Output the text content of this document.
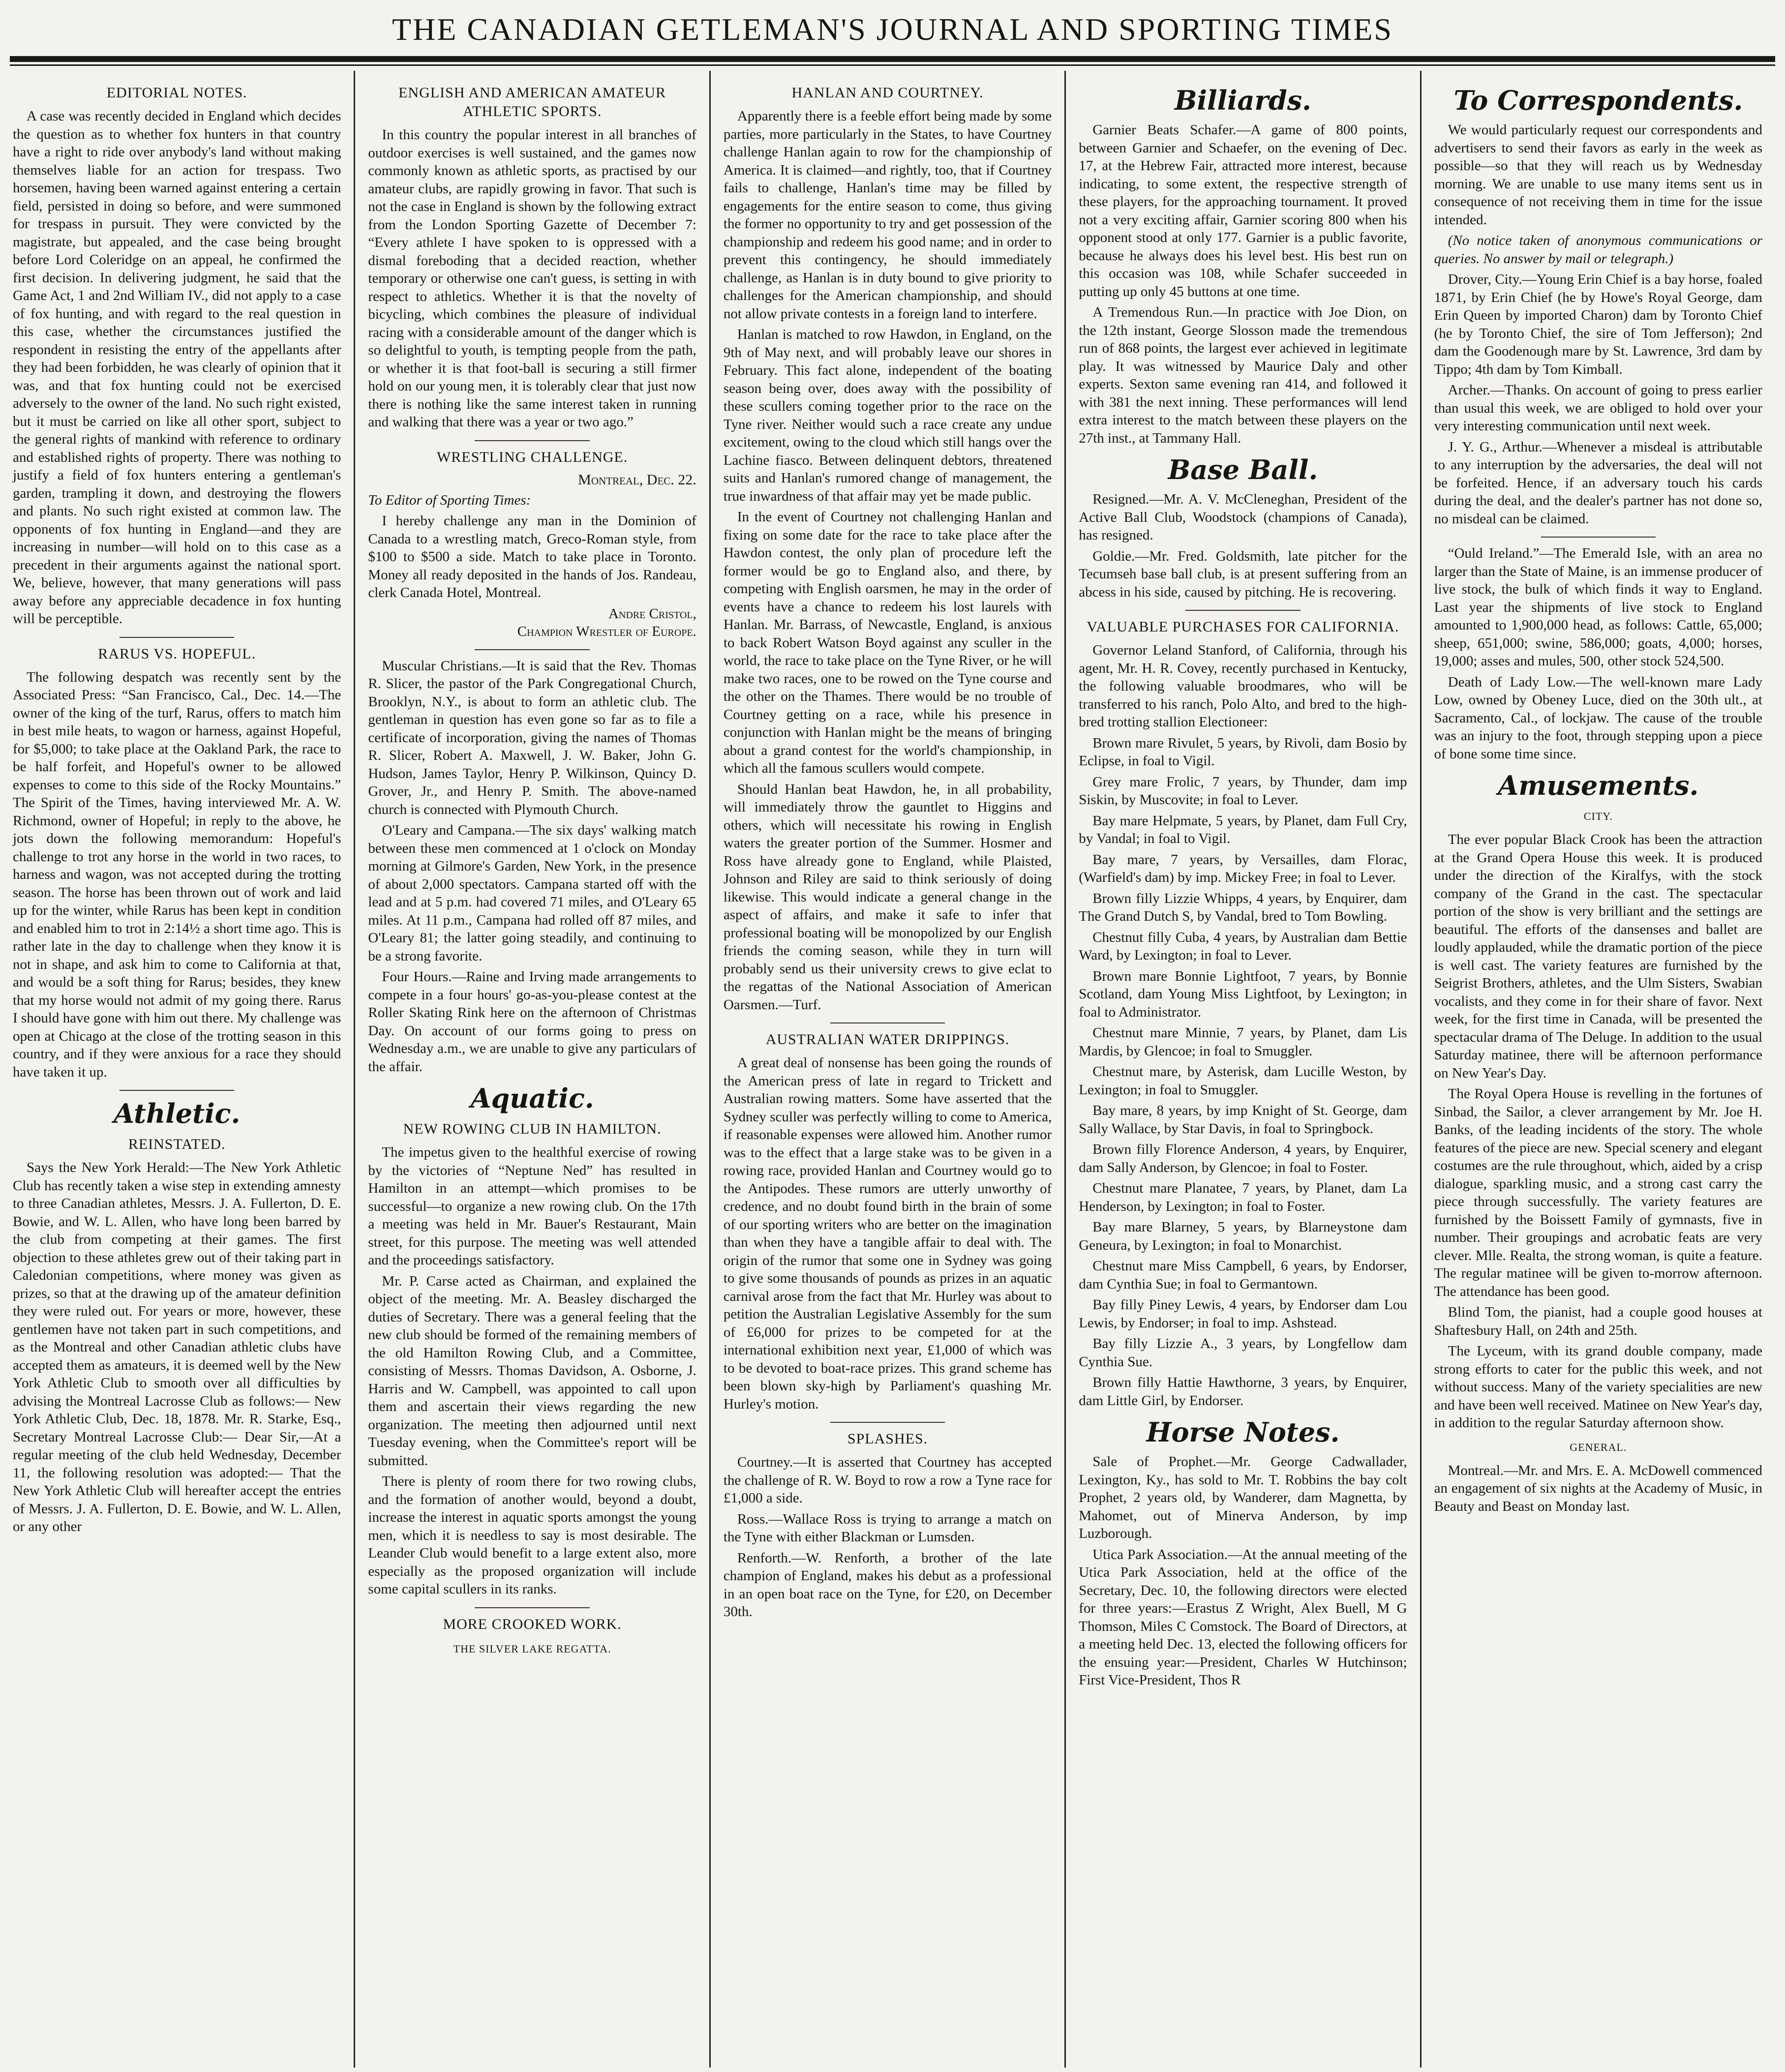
THE CANADIAN GETLEMAN'S JOURNAL AND SPORTING TIMES
EDITORIAL NOTES.

A case was recently decided in England which decides the question as to whether fox hunters in that country have a right to ride over anybody's land without making themselves liable for an action for trespass. Two horsemen, having been warned against entering a certain field, persisted in doing so before, and were summoned for trespass in pursuit. They were convicted by the magistrate, but appealed, and the case being brought before Lord Coleridge on an appeal, he confirmed the first decision. In delivering judgment, he said that the Game Act, 1 and 2nd William IV., did not apply to a case of fox hunting, and with regard to the real question in this case, whether the circumstances justified the respondent in resisting the entry of the appellants after they had been forbidden, he was clearly of opinion that it was, and that fox hunting could not be exercised adversely to the owner of the land. No such right existed, but it must be carried on like all other sport, subject to the general rights of mankind with reference to ordinary and established rights of property. There was nothing to justify a field of fox hunters entering a gentleman's garden, trampling it down, and destroying the flowers and plants. No such right existed at common law. The opponents of fox hunting in England—and they are increasing in number—will hold on to this case as a precedent in their arguments against the national sport. We, believe, however, that many generations will pass away before any appreciable decadence in fox hunting will be perceptible.

RARUS VS. HOPEFUL.

The following despatch was recently sent by the Associated Press: “San Francisco, Cal., Dec. 14.—The owner of the king of the turf, Rarus, offers to match him in best mile heats, to wagon or harness, against Hopeful, for $5,000; to take place at the Oakland Park, the race to be half forfeit, and Hopeful's owner to be allowed expenses to come to this side of the Rocky Mountains.” The Spirit of the Times, having interviewed Mr. A. W. Richmond, owner of Hopeful; in reply to the above, he jots down the following memorandum: Hopeful's challenge to trot any horse in the world in two races, to harness and wagon, was not accepted during the trotting season. The horse has been thrown out of work and laid up for the winter, while Rarus has been kept in condition and enabled him to trot in 2:14½ a short time ago. This is rather late in the day to challenge when they know it is not in shape, and ask him to come to California at that, and would be a soft thing for Rarus; besides, they knew that my horse would not admit of my going there. Rarus I should have gone with him out there. My challenge was open at Chicago at the close of the trotting season in this country, and if they were anxious for a race they should have taken it up.

Athletic.
REINSTATED.

Says the New York Herald:—The New York Athletic Club has recently taken a wise step in extending amnesty to three Canadian athletes, Messrs. J. A. Fullerton, D. E. Bowie, and W. L. Allen, who have long been barred by the club from competing at their games. The first objection to these athletes grew out of their taking part in Caledonian competitions, where money was given as prizes, so that at the drawing up of the amateur definition they were ruled out. For years or more, however, these gentlemen have not taken part in such competitions, and as the Montreal and other Canadian athletic clubs have accepted them as amateurs, it is deemed well by the New York Athletic Club to smooth over all difficulties by advising the Montreal Lacrosse Club as follows:— New York Athletic Club, Dec. 18, 1878. Mr. R. Starke, Esq., Secretary Montreal Lacrosse Club:— Dear Sir,—At a regular meeting of the club held Wednesday, December 11, the following resolution was adopted:— That the New York Athletic Club will hereafter accept the entries of Messrs. J. A. Fullerton, D. E. Bowie, and W. L. Allen, or any other

ENGLISH AND AMERICAN AMATEUR ATHLETIC SPORTS.

In this country the popular interest in all branches of outdoor exercises is well sustained, and the games now commonly known as athletic sports, as practised by our amateur clubs, are rapidly growing in favor. That such is not the case in England is shown by the following extract from the London Sporting Gazette of December 7: “Every athlete I have spoken to is oppressed with a dismal foreboding that a decided reaction, whether temporary or otherwise one can't guess, is setting in with respect to athletics. Whether it is that the novelty of bicycling, which combines the pleasure of individual racing with a considerable amount of the danger which is so delightful to youth, is tempting people from the path, or whether it is that foot-ball is securing a still firmer hold on our young men, it is tolerably clear that just now there is nothing like the same interest taken in running and walking that there was a year or two ago.”

WRESTLING CHALLENGE.
Montreal, Dec. 22.

To Editor of Sporting Times:

I hereby challenge any man in the Dominion of Canada to a wrestling match, Greco-Roman style, from $100 to $500 a side. Match to take place in Toronto. Money all ready deposited in the hands of Jos. Randeau, clerk Canada Hotel, Montreal.

Andre Cristol,
Champion Wrestler of Europe.

Muscular Christians.—It is said that the Rev. Thomas R. Slicer, the pastor of the Park Congregational Church, Brooklyn, N.Y., is about to form an athletic club. The gentleman in question has even gone so far as to file a certificate of incorporation, giving the names of Thomas R. Slicer, Robert A. Maxwell, J. W. Baker, John G. Hudson, James Taylor, Henry P. Wilkinson, Quincy D. Grover, Jr., and Henry P. Smith. The above-named church is connected with Plymouth Church.

O'Leary and Campana.—The six days' walking match between these men commenced at 1 o'clock on Monday morning at Gilmore's Garden, New York, in the presence of about 2,000 spectators. Campana started off with the lead and at 5 p.m. had covered 71 miles, and O'Leary 65 miles. At 11 p.m., Campana had rolled off 87 miles, and O'Leary 81; the latter going steadily, and continuing to be a strong favorite.

Four Hours.—Raine and Irving made arrangements to compete in a four hours' go-as-you-please contest at the Roller Skating Rink here on the afternoon of Christmas Day. On account of our forms going to press on Wednesday a.m., we are unable to give any particulars of the affair.

Aquatic.
NEW ROWING CLUB IN HAMILTON.

The impetus given to the healthful exercise of rowing by the victories of “Neptune Ned” has resulted in Hamilton in an attempt—which promises to be successful—to organize a new rowing club. On the 17th a meeting was held in Mr. Bauer's Restaurant, Main street, for this purpose. The meeting was well attended and the proceedings satisfactory.

Mr. P. Carse acted as Chairman, and explained the object of the meeting. Mr. A. Beasley discharged the duties of Secretary. There was a general feeling that the new club should be formed of the remaining members of the old Hamilton Rowing Club, and a Committee, consisting of Messrs. Thomas Davidson, A. Osborne, J. Harris and W. Campbell, was appointed to call upon them and ascertain their views regarding the new organization. The meeting then adjourned until next Tuesday evening, when the Committee's report will be submitted.

There is plenty of room there for two rowing clubs, and the formation of another would, beyond a doubt, increase the interest in aquatic sports amongst the young men, which it is needless to say is most desirable. The Leander Club would benefit to a large extent also, more especially as the proposed organization will include some capital scullers in its ranks.

MORE CROOKED WORK.
THE SILVER LAKE REGATTA.
HANLAN AND COURTNEY.

Apparently there is a feeble effort being made by some parties, more particularly in the States, to have Courtney challenge Hanlan again to row for the championship of America. It is claimed—and rightly, too, that if Courtney fails to challenge, Hanlan's time may be filled by engagements for the entire season to come, thus giving the former no opportunity to try and get possession of the championship and redeem his good name; and in order to prevent this contingency, he should immediately challenge, as Hanlan is in duty bound to give priority to challenges for the American championship, and should not allow private contests in a foreign land to interfere.

Hanlan is matched to row Hawdon, in England, on the 9th of May next, and will probably leave our shores in February. This fact alone, independent of the boating season being over, does away with the possibility of these scullers coming together prior to the race on the Tyne river. Neither would such a race create any undue excitement, owing to the cloud which still hangs over the Lachine fiasco. Between delinquent debtors, threatened suits and Hanlan's rumored change of management, the true inwardness of that affair may yet be made public.

In the event of Courtney not challenging Hanlan and fixing on some date for the race to take place after the Hawdon contest, the only plan of procedure left the former would be go to England also, and there, by competing with English oarsmen, he may in the order of events have a chance to redeem his lost laurels with Hanlan. Mr. Barrass, of Newcastle, England, is anxious to back Robert Watson Boyd against any sculler in the world, the race to take place on the Tyne River, or he will make two races, one to be rowed on the Tyne course and the other on the Thames. There would be no trouble of Courtney getting on a race, while his presence in conjunction with Hanlan might be the means of bringing about a grand contest for the world's championship, in which all the famous scullers would compete.

Should Hanlan beat Hawdon, he, in all probability, will immediately throw the gauntlet to Higgins and others, which will necessitate his rowing in English waters the greater portion of the Summer. Hosmer and Ross have already gone to England, while Plaisted, Johnson and Riley are said to think seriously of doing likewise. This would indicate a general change in the aspect of affairs, and make it safe to infer that professional boating will be monopolized by our English friends the coming season, while they in turn will probably send us their university crews to give eclat to the regattas of the National Association of American Oarsmen.—Turf.

AUSTRALIAN WATER DRIPPINGS.

A great deal of nonsense has been going the rounds of the American press of late in regard to Trickett and Australian rowing matters. Some have asserted that the Sydney sculler was perfectly willing to come to America, if reasonable expenses were allowed him. Another rumor was to the effect that a large stake was to be given in a rowing race, provided Hanlan and Courtney would go to the Antipodes. These rumors are utterly unworthy of credence, and no doubt found birth in the brain of some of our sporting writers who are better on the imagination than when they have a tangible affair to deal with. The origin of the rumor that some one in Sydney was going to give some thousands of pounds as prizes in an aquatic carnival arose from the fact that Mr. Hurley was about to petition the Australian Legislative Assembly for the sum of £6,000 for prizes to be competed for at the international exhibition next year, £1,000 of which was to be devoted to boat-race prizes. This grand scheme has been blown sky-high by Parliament's quashing Mr. Hurley's motion.

SPLASHES.

Courtney.—It is asserted that Courtney has accepted the challenge of R. W. Boyd to row a row a Tyne race for £1,000 a side.

Ross.—Wallace Ross is trying to arrange a match on the Tyne with either Blackman or Lumsden.

Renforth.—W. Renforth, a brother of the late champion of England, makes his debut as a professional in an open boat race on the Tyne, for £20, on December 30th.

Billiards.

Garnier Beats Schafer.—A game of 800 points, between Garnier and Schaefer, on the evening of Dec. 17, at the Hebrew Fair, attracted more interest, because indicating, to some extent, the respective strength of these players, for the approaching tournament. It proved not a very exciting affair, Garnier scoring 800 when his opponent stood at only 177. Garnier is a public favorite, because he always does his level best. His best run on this occasion was 108, while Schafer succeeded in putting up only 45 buttons at one time.

A Tremendous Run.—In practice with Joe Dion, on the 12th instant, George Slosson made the tremendous run of 868 points, the largest ever achieved in legitimate play. It was witnessed by Maurice Daly and other experts. Sexton same evening ran 414, and followed it with 381 the next inning. These performances will lend extra interest to the match between these players on the 27th inst., at Tammany Hall.

Base Ball.

Resigned.—Mr. A. V. McCleneghan, President of the Active Ball Club, Woodstock (champions of Canada), has resigned.

Goldie.—Mr. Fred. Goldsmith, late pitcher for the Tecumseh base ball club, is at present suffering from an abcess in his side, caused by pitching. He is recovering.

VALUABLE PURCHASES FOR CALIFORNIA.

Governor Leland Stanford, of California, through his agent, Mr. H. R. Covey, recently purchased in Kentucky, the following valuable broodmares, who will be transferred to his ranch, Polo Alto, and bred to the high-bred trotting stallion Electioneer:

Brown mare Rivulet, 5 years, by Rivoli, dam Bosio by Eclipse, in foal to Vigil.

Grey mare Frolic, 7 years, by Thunder, dam imp Siskin, by Muscovite; in foal to Lever.

Bay mare Helpmate, 5 years, by Planet, dam Full Cry, by Vandal; in foal to Vigil.

Bay mare, 7 years, by Versailles, dam Florac, (Warfield's dam) by imp. Mickey Free; in foal to Lever.

Brown filly Lizzie Whipps, 4 years, by Enquirer, dam The Grand Dutch S, by Vandal, bred to Tom Bowling.

Chestnut filly Cuba, 4 years, by Australian dam Bettie Ward, by Lexington; in foal to Lever.

Brown mare Bonnie Lightfoot, 7 years, by Bonnie Scotland, dam Young Miss Lightfoot, by Lexington; in foal to Administrator.

Chestnut mare Minnie, 7 years, by Planet, dam Lis Mardis, by Glencoe; in foal to Smuggler.

Chestnut mare, by Asterisk, dam Lucille Weston, by Lexington; in foal to Smuggler.

Bay mare, 8 years, by imp Knight of St. George, dam Sally Wallace, by Star Davis, in foal to Springbock.

Brown filly Florence Anderson, 4 years, by Enquirer, dam Sally Anderson, by Glencoe; in foal to Foster.

Chestnut mare Planatee, 7 years, by Planet, dam La Henderson, by Lexington; in foal to Foster.

Bay mare Blarney, 5 years, by Blarneystone dam Geneura, by Lexington; in foal to Monarchist.

Chestnut mare Miss Campbell, 6 years, by Endorser, dam Cynthia Sue; in foal to Germantown.

Bay filly Piney Lewis, 4 years, by Endorser dam Lou Lewis, by Endorser; in foal to imp. Ashstead.

Bay filly Lizzie A., 3 years, by Longfellow dam Cynthia Sue.

Brown filly Hattie Hawthorne, 3 years, by Enquirer, dam Little Girl, by Endorser.

Horse Notes.

Sale of Prophet.—Mr. George Cadwallader, Lexington, Ky., has sold to Mr. T. Robbins the bay colt Prophet, 2 years old, by Wanderer, dam Magnetta, by Mahomet, out of Minerva Anderson, by imp Luzborough.

Utica Park Association.—At the annual meeting of the Utica Park Association, held at the office of the Secretary, Dec. 10, the following directors were elected for three years:—Erastus Z Wright, Alex Buell, M G Thomson, Miles C Comstock. The Board of Directors, at a meeting held Dec. 13, elected the following officers for the ensuing year:—President, Charles W Hutchinson; First Vice-President, Thos R

To Correspondents.

We would particularly request our correspondents and advertisers to send their favors as early in the week as possible—so that they will reach us by Wednesday morning. We are unable to use many items sent us in consequence of not receiving them in time for the issue intended.

(No notice taken of anonymous communications or queries. No answer by mail or telegraph.)

Drover, City.—Young Erin Chief is a bay horse, foaled 1871, by Erin Chief (he by Howe's Royal George, dam Erin Queen by imported Charon) dam by Toronto Chief (he by Toronto Chief, the sire of Tom Jefferson); 2nd dam the Goodenough mare by St. Lawrence, 3rd dam by Tippo; 4th dam by Tom Kimball.

Archer.—Thanks. On account of going to press earlier than usual this week, we are obliged to hold over your very interesting communication until next week.

J. Y. G., Arthur.—Whenever a misdeal is attributable to any interruption by the adversaries, the deal will not be forfeited. Hence, if an adversary touch his cards during the deal, and the dealer's partner has not done so, no misdeal can be claimed.

“Ould Ireland.”—The Emerald Isle, with an area no larger than the State of Maine, is an immense producer of live stock, the bulk of which finds it way to England. Last year the shipments of live stock to England amounted to 1,900,000 head, as follows: Cattle, 65,000; sheep, 651,000; swine, 586,000; goats, 4,000; horses, 19,000; asses and mules, 500, other stock 524,500.

Death of Lady Low.—The well-known mare Lady Low, owned by Obeney Luce, died on the 30th ult., at Sacramento, Cal., of lockjaw. The cause of the trouble was an injury to the foot, through stepping upon a piece of bone some time since.

Amusements.
CITY.

The ever popular Black Crook has been the attraction at the Grand Opera House this week. It is produced under the direction of the Kiralfys, with the stock company of the Grand in the cast. The spectacular portion of the show is very brilliant and the settings are beautiful. The efforts of the dansenses and ballet are loudly applauded, while the dramatic portion of the piece is well cast. The variety features are furnished by the Seigrist Brothers, athletes, and the Ulm Sisters, Swabian vocalists, and they come in for their share of favor. Next week, for the first time in Canada, will be presented the spectacular drama of The Deluge. In addition to the usual Saturday matinee, there will be afternoon performance on New Year's Day.

The Royal Opera House is revelling in the fortunes of Sinbad, the Sailor, a clever arrangement by Mr. Joe H. Banks, of the leading incidents of the story. The whole features of the piece are new. Special scenery and elegant costumes are the rule throughout, which, aided by a crisp dialogue, sparkling music, and a strong cast carry the piece through successfully. The variety features are furnished by the Boissett Family of gymnasts, five in number. Their groupings and acrobatic feats are very clever. Mlle. Realta, the strong woman, is quite a feature. The regular matinee will be given to-morrow afternoon. The attendance has been good.

Blind Tom, the pianist, had a couple good houses at Shaftesbury Hall, on 24th and 25th.

The Lyceum, with its grand double company, made strong efforts to cater for the public this week, and not without success. Many of the variety specialities are new and have been well received. Matinee on New Year's day, in addition to the regular Saturday afternoon show.

GENERAL.

Montreal.—Mr. and Mrs. E. A. McDowell commenced an engagement of six nights at the Academy of Music, in Beauty and Beast on Monday last.
